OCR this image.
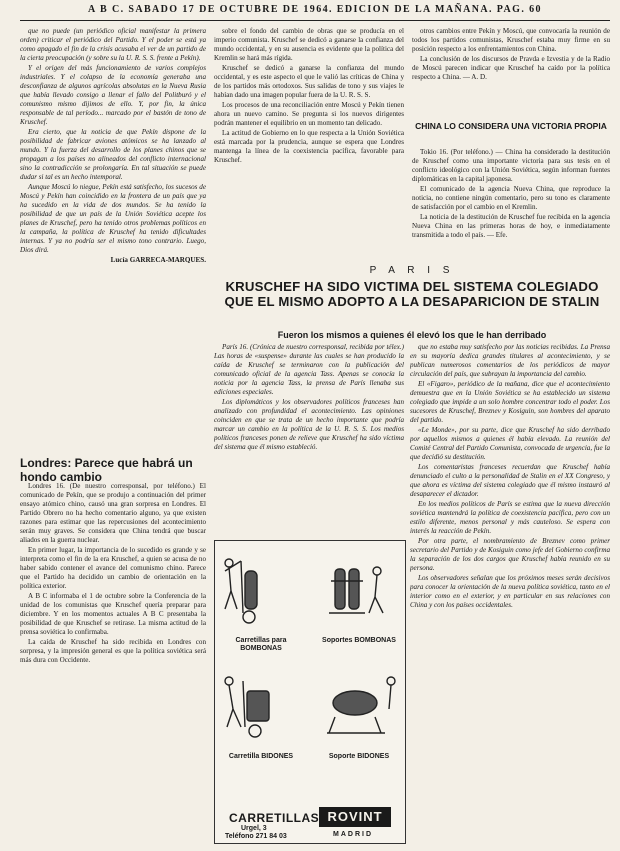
A B C. SABADO 17 DE OCTUBRE DE 1964. EDICION DE LA MAÑANA. PAG. 60

que no puede (un periódico oficial manifestar la primera orden) criticar el periódico del Partido. Y el poder se está ya como apagado el fin de la crisis acusaba el ver de un partido de la cierta preocupación (y sobre su la U. R. S. S. frente a Pekín).

Y el origen del más funcionamiento de varios complejos industriales. Y el colapso de la economía generaba una desconfianza de algunos agrícolas absolutas en la Nueva Rusia que había llevado consigo a llenar el fallo del Politburó y el comunismo mismo dijimos de ello. Y, por fin, la única responsable de tal período... marcado por el bastón de tono de Kruschef.

Era cierto, que la noticia de que Pekín dispone de la posibilidad de fabricar aviones atómicos se ha lanzado al mundo. Y la fuerza del desarrollo de los planes chinos que se propagan a los países no alineados del conflicto internacional sino la contradicción se prolongaría. En tal situación se puede dudar si tal es un hecho intemporal.

Aunque Moscú lo niegue, Pekín está satisfecho, los sucesos de Moscú y Pekín han coincidido en la frontera de un país que ya ha sucedido en la vida de dos mundos. Se ha tenido la posibilidad de que un país de la Unión Soviética acepte los planes de Kruschef, pero ha tenido otros problemas políticos en la campaña, la política de Kruschef ha tenido dificultades internas. Y ya no podría ser el mismo tono contrario. Luego, Dios dirá.

Lucía GARRECA-MARQUES.

Londres: Parece que habrá un hondo cambio

Londres 16. (De nuestro corresponsal, por teléfono.) El comunicado de Pekín, que se produjo a continuación del primer ensayo atómico chino, causó una gran sorpresa en Londres. El Partido Obrero no ha hecho comentario alguno, ya que existen razones para estimar que las repercusiones del acontecimiento serán muy graves. Se considera que China tendrá que buscar aliados en la guerra nuclear.

En primer lugar, la importancia de lo sucedido es grande y se interpreta como el fin de la era Kruschef, a quien se acusa de no haber sabido contener el avance del comunismo chino. Parece que el Partido ha decidido un cambio de orientación en la política exterior.

A B C informaba el 1 de octubre sobre la Conferencia de la unidad de los comunistas que Kruschef quería preparar para diciembre. Y en los momentos actuales A B C presentaba la posibilidad de que Kruschef se retirase. La misma actitud de la prensa soviética lo confirmaba.

La caída de Kruschef ha sido recibida en Londres con sorpresa, y la impresión general es que la política soviética será más dura con Occidente.

sobre el fondo del cambio de obras que se producía en el imperio comunista. Kruschef se dedicó a ganarse la confianza del mundo occidental, y en su ausencia es evidente que la política del Kremlin se hará más rígida.

Kruschef se dedicó a ganarse la confianza del mundo occidental, y es este aspecto el que le valió las críticas de China y de los partidos más ortodoxos. Sus salidas de tono y sus viajes le habían dado una imagen popular fuera de la U. R. S. S.

Los procesos de una reconciliación entre Moscú y Pekín tienen ahora un nuevo camino. Se pregunta si los nuevos dirigentes podrán mantener el equilibrio en un momento tan delicado.

La actitud de Gobierno en lo que respecta a la Unión Soviética está marcada por la prudencia, aunque se espera que Londres mantenga la línea de la coexistencia pacífica, favorable para Kruschef.

otros cambios entre Pekín y Moscú, que convocaría la reunión de todos los partidos comunistas, Kruschef estaba muy firme en su posición respecto a los enfrentamientos con China.

La conclusión de los discursos de Pravda e Izvestia y de la Radio de Moscú parecen indicar que Kruschef ha caído por la política respecto a China. — A. D.

CHINA LO CONSIDERA UNA VICTORIA PROPIA

Tokio 16. (Por teléfono.) — China ha considerado la destitución de Kruschef como una importante victoria para sus tesis en el conflicto ideológico con la Unión Soviética, según informan fuentes diplomáticas en la capital japonesa.

El comunicado de la agencia Nueva China, que reproduce la noticia, no contiene ningún comentario, pero su tono es claramente de satisfacción por el cambio en el Kremlin.

La noticia de la destitución de Kruschef fue recibida en la agencia Nueva China en las primeras horas de hoy, e inmediatamente transmitida a todo el país. — Efe.

P A R I S
KRUSCHEF HA SIDO VICTIMA DEL SISTEMA COLEGIADO QUE EL MISMO ADOPTO A LA DESAPARICION DE STALIN
Fueron los mismos a quienes él elevó los que le han derribado

París 16. (Crónica de nuestro corresponsal, recibida por télex.) Las horas de «suspense» durante las cuales se han producido la caída de Kruschef se terminaron con la publicación del comunicado oficial de la agencia Tass. Apenas se conocía la noticia por la agencia Tass, la prensa de París llenaba sus ediciones especiales.

Los diplomáticos y los observadores políticos franceses han analizado con profundidad el acontecimiento. Las opiniones coinciden en que se trata de un hecho importante que podría marcar un cambio en la política de la U. R. S. S. Los medios políticos franceses ponen de relieve que Kruschef ha sido víctima del sistema que él mismo estableció.

que no estaba muy satisfecho por las noticias recibidas. La Prensa en su mayoría dedica grandes titulares al acontecimiento, y se publican numerosos comentarios de los periódicos de mayor circulación del país, que subrayan la importancia del cambio.

El «Figaro», periódico de la mañana, dice que el acontecimiento demuestra que en la Unión Soviética se ha establecido un sistema colegiado que impide a un solo hombre concentrar todo el poder. Los sucesores de Kruschef, Breznev y Kosiguin, son hombres del aparato del partido.

«Le Monde», por su parte, dice que Kruschef ha sido derribado por aquellos mismos a quienes él había elevado. La reunión del Comité Central del Partido Comunista, convocada de urgencia, fue la que decidió su destitución.

Los comentaristas franceses recuerdan que Kruschef había denunciado el culto a la personalidad de Stalin en el XX Congreso, y que ahora es víctima del sistema colegiado que él mismo instauró al desaparecer el dictador.

En los medios políticos de París se estima que la nueva dirección soviética mantendrá la política de coexistencia pacífica, pero con un estilo diferente, menos personal y más cauteloso. Se espera con interés la reacción de Pekín.

Por otra parte, el nombramiento de Breznev como primer secretario del Partido y de Kosiguin como jefe del Gobierno confirma la separación de los dos cargos que Kruschef había reunido en su persona.

Los observadores señalan que los próximos meses serán decisivos para conocer la orientación de la nueva política soviética, tanto en el interior como en el exterior, y en particular en sus relaciones con China y con los países occidentales.

Carretillas para BOMBONAS
Soportes BOMBONAS
Carretilla BIDONES	Soporte BIDONES
CARRETILLAS ROVINT
Urgel, 3
Teléfono 271 84 03	MADRID
